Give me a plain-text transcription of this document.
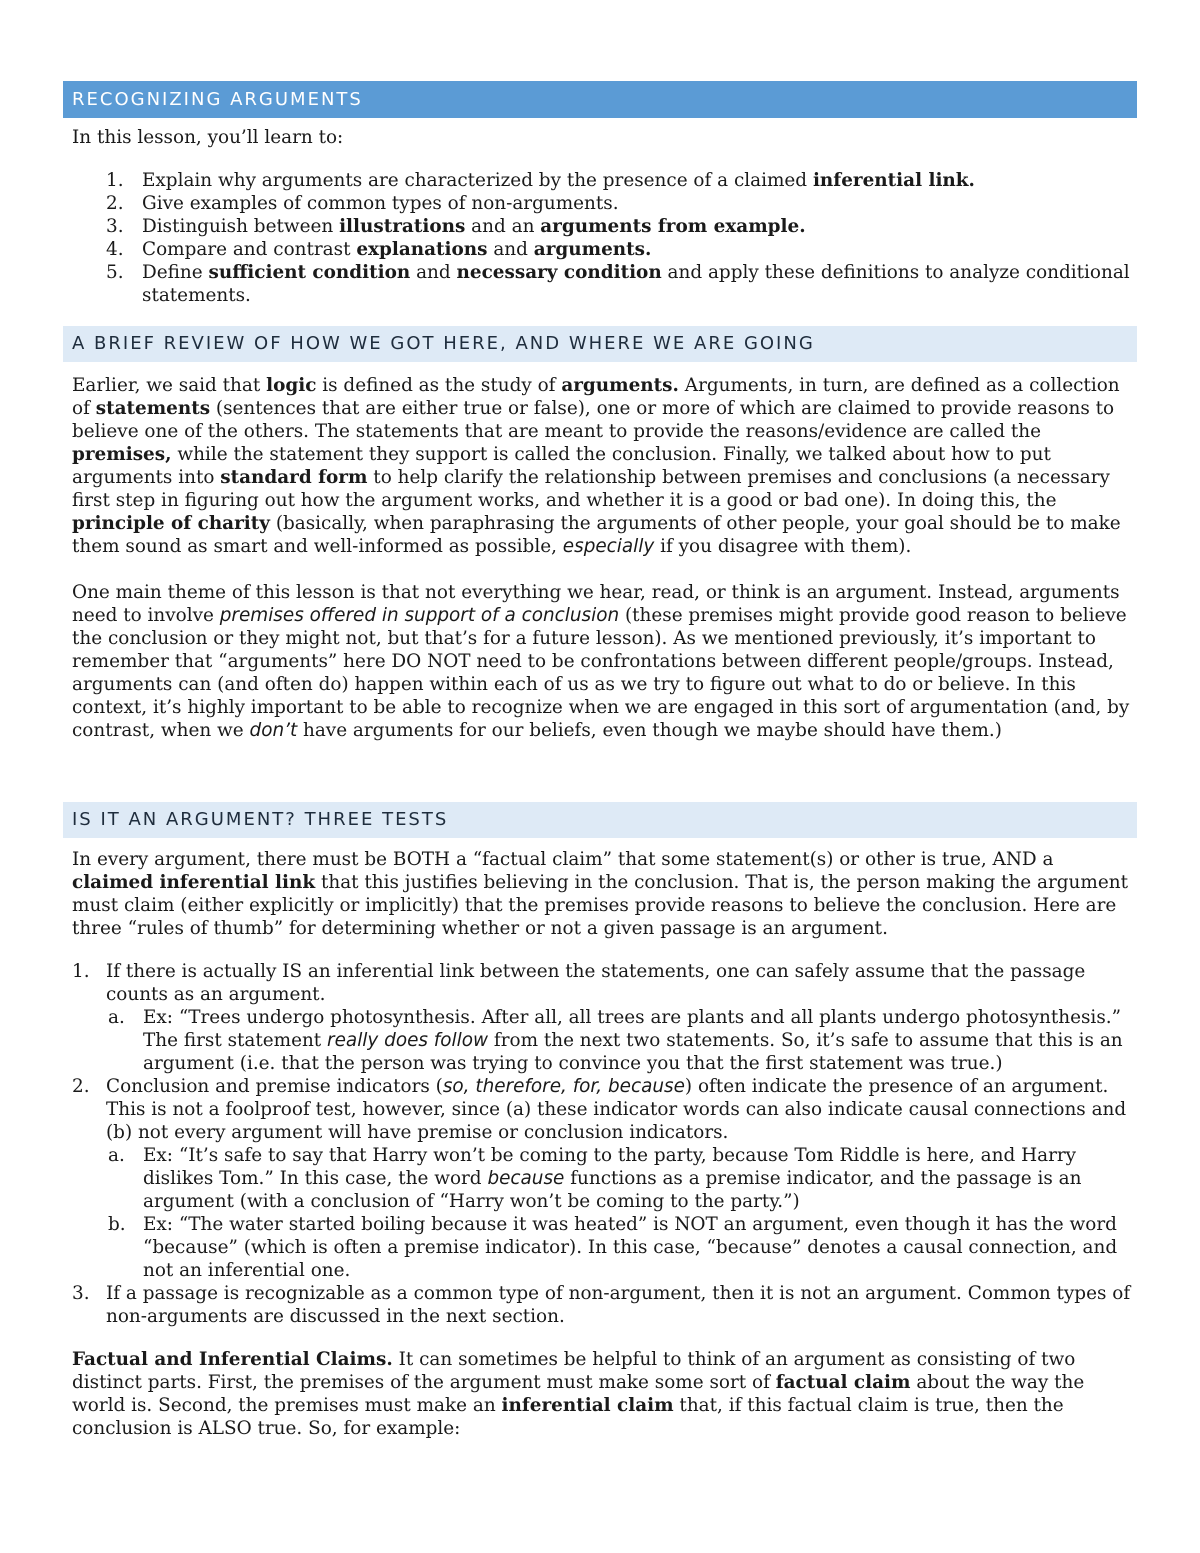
RECOGNIZING ARGUMENTS

In this lesson, you’ll learn to:

1. Explain why arguments are characterized by the presence of a claimed inferential link.
2. Give examples of common types of non-arguments.
3. Distinguish between illustrations and an arguments from example.
4. Compare and contrast explanations and arguments.
5. Define sufficient condition and necessary condition and apply these definitions to analyze conditional statements.
A BRIEF REVIEW OF HOW WE GOT HERE, AND WHERE WE ARE GOING

Earlier, we said that logic is defined as the study of arguments. Arguments, in turn, are defined as a collection of statements (sentences that are either true or false), one or more of which are claimed to provide reasons to believe one of the others. The statements that are meant to provide the reasons/evidence are called the premises, while the statement they support is called the conclusion. Finally, we talked about how to put arguments into standard form to help clarify the relationship between premises and conclusions (a necessary first step in figuring out how the argument works, and whether it is a good or bad one). In doing this, the principle of charity (basically, when paraphrasing the arguments of other people, your goal should be to make them sound as smart and well-informed as possible, especially if you disagree with them).

One main theme of this lesson is that not everything we hear, read, or think is an argument. Instead, arguments need to involve premises offered in support of a conclusion (these premises might provide good reason to believe the conclusion or they might not, but that’s for a future lesson). As we mentioned previously, it’s important to remember that “arguments” here DO NOT need to be confrontations between different people/groups. Instead, arguments can (and often do) happen within each of us as we try to figure out what to do or believe. In this context, it’s highly important to be able to recognize when we are engaged in this sort of argumentation (and, by contrast, when we don’t have arguments for our beliefs, even though we maybe should have them.)

IS IT AN ARGUMENT? THREE TESTS

In every argument, there must be BOTH a “factual claim” that some statement(s) or other is true, AND a claimed inferential link that this justifies believing in the conclusion. That is, the person making the argument must claim (either explicitly or implicitly) that the premises provide reasons to believe the conclusion. Here are three “rules of thumb” for determining whether or not a given passage is an argument.

1. If there is actually IS an inferential link between the statements, one can safely assume that the passage counts as an argument.
a. Ex: “Trees undergo photosynthesis. After all, all trees are plants and all plants undergo photosynthesis.” The first statement really does follow from the next two statements. So, it’s safe to assume that this is an argument (i.e. that the person was trying to convince you that the first statement was true.)
2. Conclusion and premise indicators (so, therefore, for, because) often indicate the presence of an argument. This is not a foolproof test, however, since (a) these indicator words can also indicate causal connections and (b) not every argument will have premise or conclusion indicators.
a. Ex: “It’s safe to say that Harry won’t be coming to the party, because Tom Riddle is here, and Harry dislikes Tom.” In this case, the word because functions as a premise indicator, and the passage is an argument (with a conclusion of “Harry won’t be coming to the party.”)
b. Ex: “The water started boiling because it was heated” is NOT an argument, even though it has the word “because” (which is often a premise indicator). In this case, “because” denotes a causal connection, and not an inferential one.
3. If a passage is recognizable as a common type of non-argument, then it is not an argument. Common types of non-arguments are discussed in the next section.

Factual and Inferential Claims. It can sometimes be helpful to think of an argument as consisting of two distinct parts. First, the premises of the argument must make some sort of factual claim about the way the world is. Second, the premises must make an inferential claim that, if this factual claim is true, then the conclusion is ALSO true. So, for example:
